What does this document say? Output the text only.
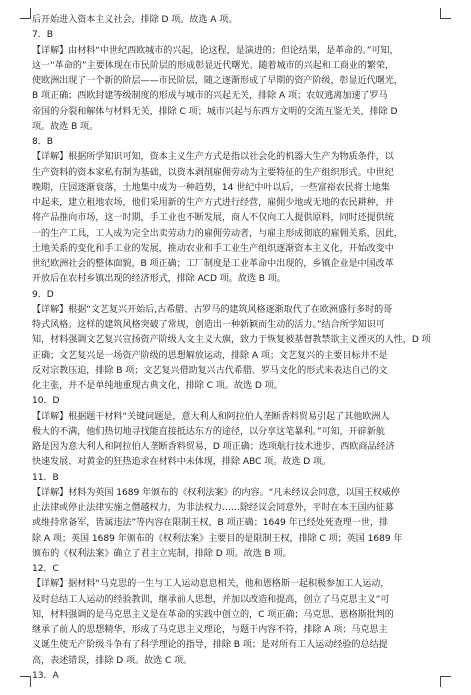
后开始进入资本主义社会，排除 D 项。故选 A 项。
7．B
【详解】由材料“中世纪西欧城市的兴起，论这程，是演进的；但论结果，是革命的。”可知，
这一“革命的”主要体现在市民阶层的形成彰显近代曙光。随着城市的兴起和工商业的繁荣，
使欧洲出现了一个新的阶层——市民阶层，随之逐渐形成了早期的资产阶级，彰显近代曙光，
B 项正确；西欧封建等级制度的形成与城市的兴起无关，排除 A 项；农奴逃离加速了罗马
帝国的分裂和解体与材料无关，排除 C 项；城市兴起与东西方文明的交流互鉴无关，排除 D
项。故选 B 项。
8．B
【详解】根据所学知识可知，资本主义生产方式是指以社会化的机器大生产为物质条件，以
生产资料的资本家私有制为基础，以资本剥削雇佣劳动为主要特征的生产组织形式。中世纪
晚期，庄园逐渐衰落，土地集中成为一种趋势，14 世纪中叶以后，一些富裕农民将土地集
中起来，建立租地农场，他们采用新的生产方式进行经营，雇佣少地或无地的农民耕种，并
将产品推向市场，这一时期，手工业也不断发展，商人不仅向工人提供原料，同时还提供统
一的生产工具，工人成为完全出卖劳动力的雇佣劳动者，与雇主形成彻底的雇佣关系，因此，
土地关系的变化和手工业的发展，推动农业和手工业生产组织逐渐资本主义化，开始改变中
世纪欧洲社会的整体面貌，B 项正确；工厂制度是工业革命中出现的，乡镇企业是中国改革
开放后在农村乡镇出现的经济形式，排除 ACD 项。故选 B 项。
9．D
【详解】根据“文艺复兴开始后,古希腊、古罗马的建筑风格逐渐取代了在欧洲盛行多时的哥
特式风格。这样的建筑风格突破了常规，创造出一种新颖而生动的活力。”结合所学知识可
知，材料强调文艺复兴宣扬资产阶级人文主义大旗，致力于恢复被基督教禁欲主义湮灭的人性，D 项
正确；文艺复兴是一场资产阶级的思想解放运动，排除 A 项；文艺复兴的主要目标并不是
反对宗教压迫，排除 B 项；文艺复兴借助复兴古代希腊、罗马文化的形式来表达自己的文
化主张，并不是单纯地重现古典文化，排除 C 项。故选 D 项。
10．D
【详解】根据题干材料“关键问题是，意大利人和阿拉伯人垄断香料贸易引起了其他欧洲人
极大的不满，他们热切地寻找能直接抵达东方的途径，以分享这笔暴利。”可知，开辟新航
路是因为意大利人和阿拉伯人垄断香料贸易，D 项正确；选项航行技术进步、西欧商品经济
快速发展、对黄金的狂热追求在材料中未体现，排除 ABC 项。故选 D 项。
11．B
【详解】材料为英国 1689 年颁布的《权利法案》的内容。“凡未经议会同意，以国王权威停
止法律或停止法律实施之僭越权力，为非法权力……除经议会同意外，平时在本王国内征募
或维持常备军，皆属违法”等内容在限制王权，B 项正确；1649 年已经处死查理一世，排
除 A 项；英国 1689 年颁布的《权利法案》主要目的是限制王权，排除 C 项；英国 1689 年
颁布的《权利法案》确立了君主立宪制，排除 D 项。故选 B 项。
12．C
【详解】据材料“马克思的一生与工人运动息息相关，他和恩格斯一起积极参加工人运动，
及时总结工人运动的经验教训，继承前人思想，并加以改造和提高，创立了马克思主义”可
知，材料强调的是马克思主义是在革命的实践中创立的，C 项正确；马克思、恩格斯批判的
继承了前人的思想精华，形成了马克思主义理论，与题干内容不符，排除 A 项；马克思主
义诞生使无产阶级斗争有了科学理论的指导，排除 B 项；是对所有工人运动经验的总结提
高，表述错误，排除 D 项。故选 C 项。
13．A
